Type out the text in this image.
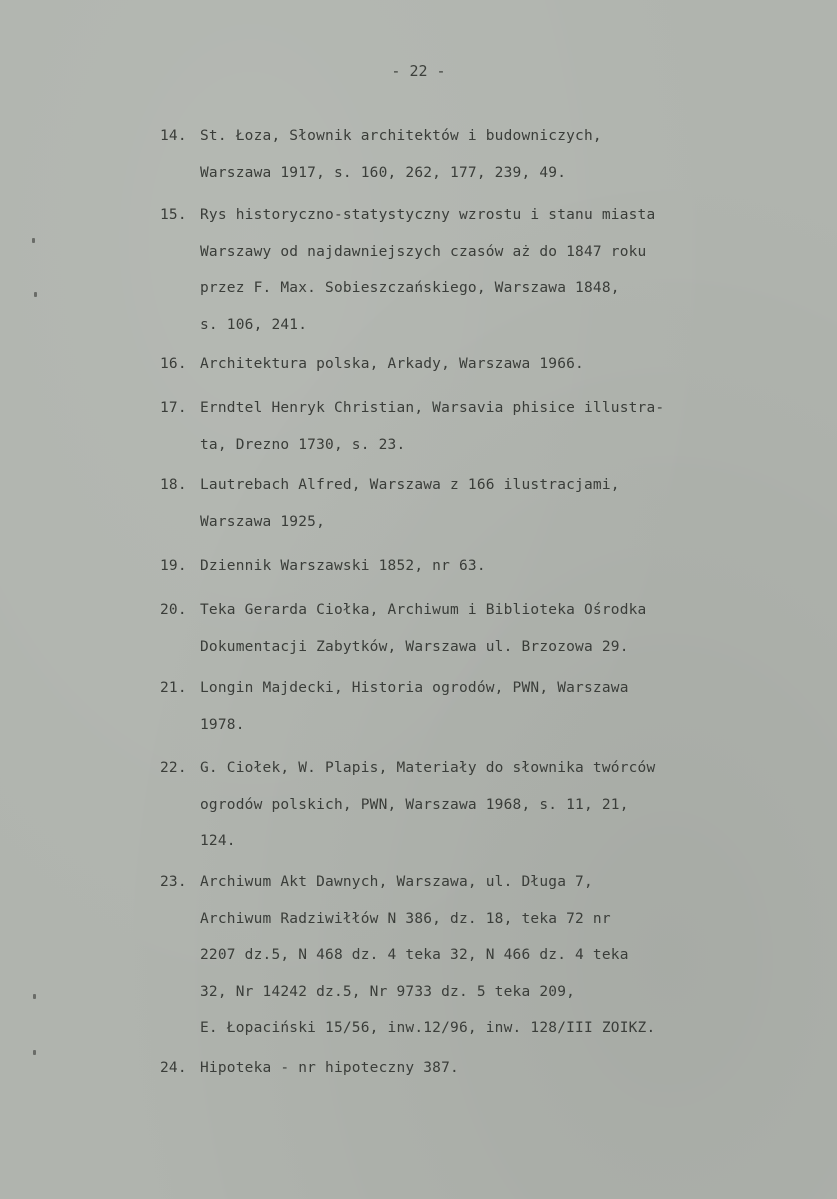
- 22 -
14. St. Łoza, Słownik architektów i budowniczych,
Warszawa 1917, s. 160, 262, 177, 239, 49.
15. Rys historyczno-statystyczny wzrostu i stanu miasta
Warszawy od najdawniejszych czasów aż do 1847 roku
przez F. Max. Sobieszczańskiego, Warszawa 1848,
s. 106, 241.
16. Architektura polska, Arkady, Warszawa 1966.
17. Erndtel Henryk Christian, Warsavia phisice illustra-
ta, Drezno 1730, s. 23.
18. Lautrebach Alfred, Warszawa z 166 ilustracjami,
Warszawa 1925,
19. Dziennik Warszawski 1852, nr 63.
20. Teka Gerarda Ciołka, Archiwum i Biblioteka Ośrodka
Dokumentacji Zabytków, Warszawa ul. Brzozowa 29.
21. Longin Majdecki, Historia ogrodów, PWN, Warszawa
1978.
22. G. Ciołek, W. Plapis, Materiały do słownika twórców
ogrodów polskich, PWN, Warszawa 1968, s. 11, 21,
124.
23. Archiwum Akt Dawnych, Warszawa, ul. Długa 7,
Archiwum Radziwiłłów N 386, dz. 18, teka 72 nr
2207 dz.5, N 468 dz. 4 teka 32, N 466 dz. 4 teka
32, Nr 14242 dz.5, Nr 9733 dz. 5 teka 209,
E. Łopaciński 15/56, inw.12/96, inw. 128/III ZOIKZ.
24. Hipoteka - nr hipoteczny 387.
